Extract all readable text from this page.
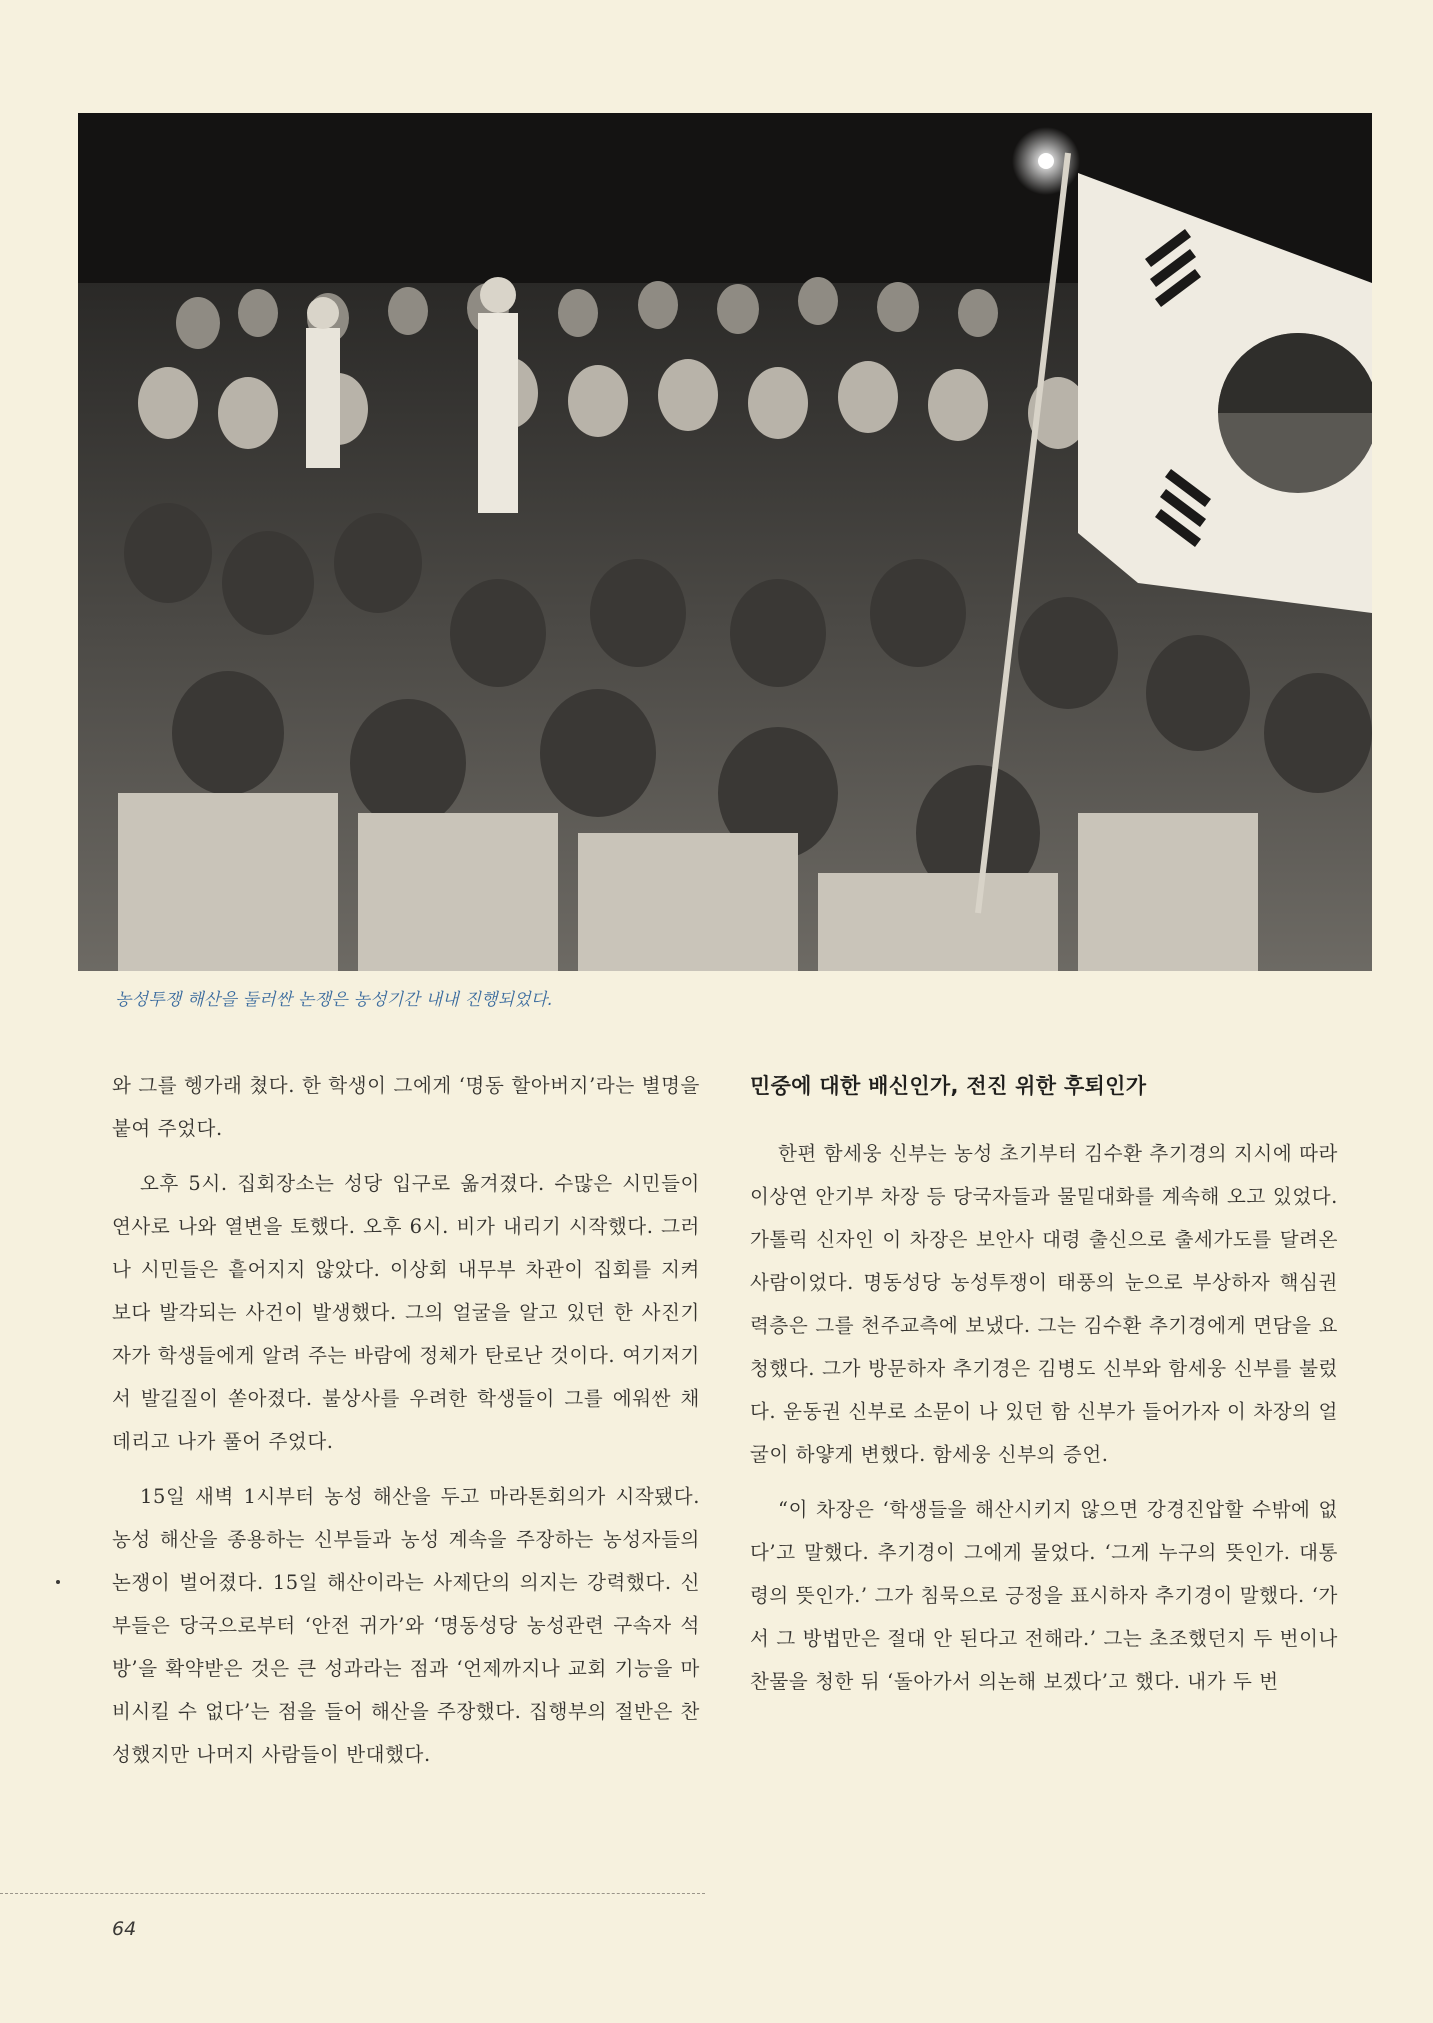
농성투쟁 해산을 둘러싼 논쟁은 농성기간 내내 진행되었다.

와 그를 헹가래 쳤다. 한 학생이 그에게 ‘명동 할아버지’라는 별명을 붙여 주었다.

오후 5시. 집회장소는 성당 입구로 옮겨졌다. 수많은 시민들이 연사로 나와 열변을 토했다. 오후 6시. 비가 내리기 시작했다. 그러나 시민들은 흩어지지 않았다. 이상회 내무부 차관이 집회를 지켜 보다 발각되는 사건이 발생했다. 그의 얼굴을 알고 있던 한 사진기자가 학생들에게 알려 주는 바람에 정체가 탄로난 것이다. 여기저기서 발길질이 쏟아졌다. 불상사를 우려한 학생들이 그를 에워싼 채 데리고 나가 풀어 주었다.

15일 새벽 1시부터 농성 해산을 두고 마라톤회의가 시작됐다. 농성 해산을 종용하는 신부들과 농성 계속을 주장하는 농성자들의 논쟁이 벌어졌다. 15일 해산이라는 사제단의 의지는 강력했다. 신부들은 당국으로부터 ‘안전 귀가’와 ‘명동성당 농성관련 구속자 석방’을 확약받은 것은 큰 성과라는 점과 ‘언제까지나 교회 기능을 마비시킬 수 없다’는 점을 들어 해산을 주장했다. 집행부의 절반은 찬성했지만 나머지 사람들이 반대했다.

민중에 대한 배신인가, 전진 위한 후퇴인가

한편 함세웅 신부는 농성 초기부터 김수환 추기경의 지시에 따라 이상연 안기부 차장 등 당국자들과 물밑대화를 계속해 오고 있었다. 가톨릭 신자인 이 차장은 보안사 대령 출신으로 출세가도를 달려온 사람이었다. 명동성당 농성투쟁이 태풍의 눈으로 부상하자 핵심권력층은 그를 천주교측에 보냈다. 그는 김수환 추기경에게 면담을 요청했다. 그가 방문하자 추기경은 김병도 신부와 함세웅 신부를 불렀다. 운동권 신부로 소문이 나 있던 함 신부가 들어가자 이 차장의 얼굴이 하얗게 변했다. 함세웅 신부의 증언.

“이 차장은 ‘학생들을 해산시키지 않으면 강경진압할 수밖에 없다’고 말했다. 추기경이 그에게 물었다. ‘그게 누구의 뜻인가. 대통령의 뜻인가.’ 그가 침묵으로 긍정을 표시하자 추기경이 말했다. ‘가서 그 방법만은 절대 안 된다고 전해라.’ 그는 초조했던지 두 번이나 찬물을 청한 뒤 ‘돌아가서 의논해 보겠다’고 했다. 내가 두 번

64
